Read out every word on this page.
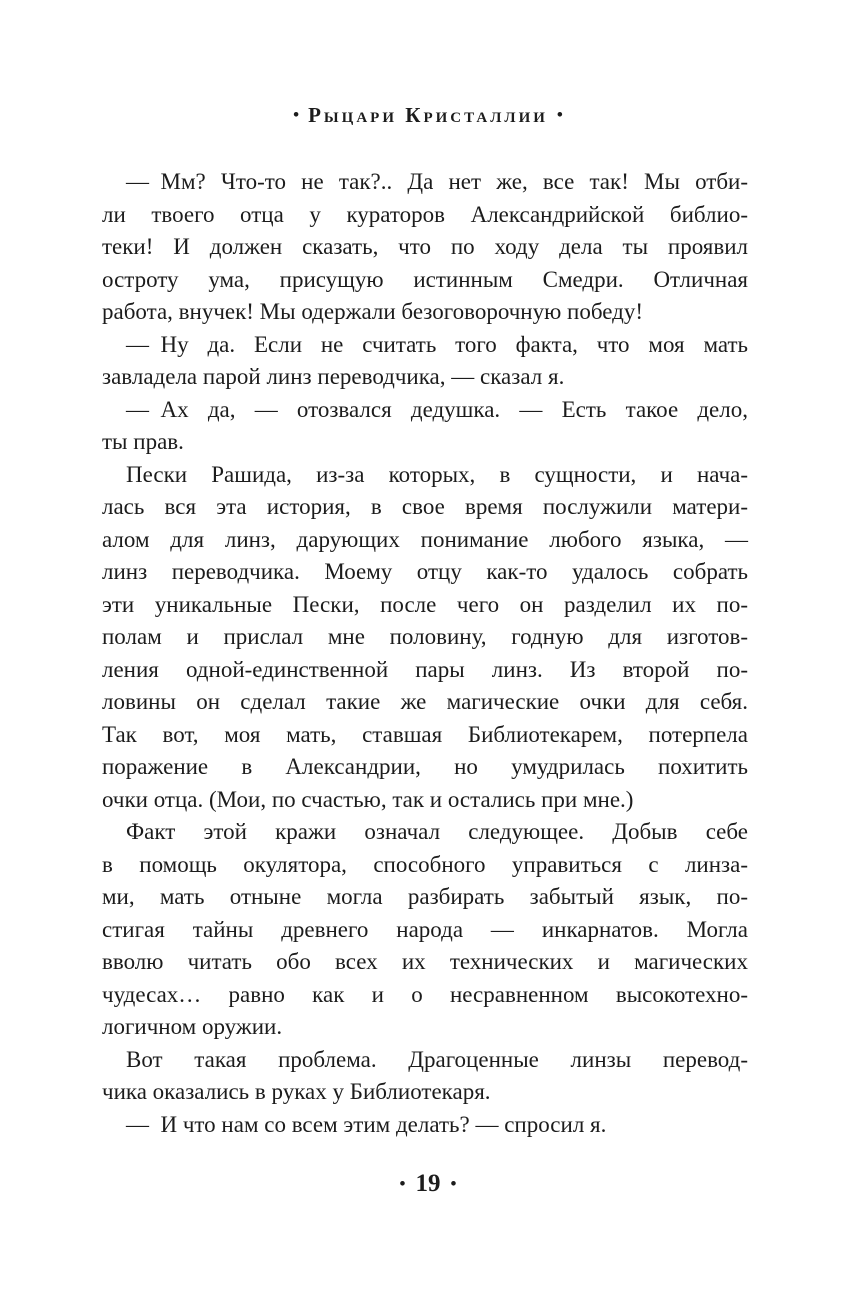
• Рыцари Кристаллии •
— Мм? Что-то не так?.. Да нет же, все так! Мы отби-
ли твоего отца у кураторов Александрийской библио-
теки! И должен сказать, что по ходу дела ты проявил
остроту ума, присущую истинным Смедри. Отличная
работа, внучек! Мы одержали безоговорочную победу!
— Ну да. Если не считать того факта, что моя мать
завладела парой линз переводчика, — сказал я.
— Ах да, — отозвался дедушка. — Есть такое дело,
ты прав.
Пески Рашида, из-за которых, в сущности, и нача-
лась вся эта история, в свое время послужили матери-
алом для линз, дарующих понимание любого языка, —
линз переводчика. Моему отцу как-то удалось собрать
эти уникальные Пески, после чего он разделил их по-
полам и прислал мне половину, годную для изготов-
ления одной-единственной пары линз. Из второй по-
ловины он сделал такие же магические очки для себя.
Так вот, моя мать, ставшая Библиотекарем, потерпела
поражение в Александрии, но умудрилась похитить
очки отца. (Мои, по счастью, так и остались при мне.)
Факт этой кражи означал следующее. Добыв себе
в помощь окулятора, способного управиться с линза-
ми, мать отныне могла разбирать забытый язык, по-
стигая тайны древнего народа — инкарнатов. Могла
вволю читать обо всех их технических и магических
чудесах… равно как и о несравненном высокотехно-
логичном оружии.
Вот такая проблема. Драгоценные линзы перевод-
чика оказались в руках у Библиотекаря.
— И что нам со всем этим делать? — спросил я.
• 19 •
